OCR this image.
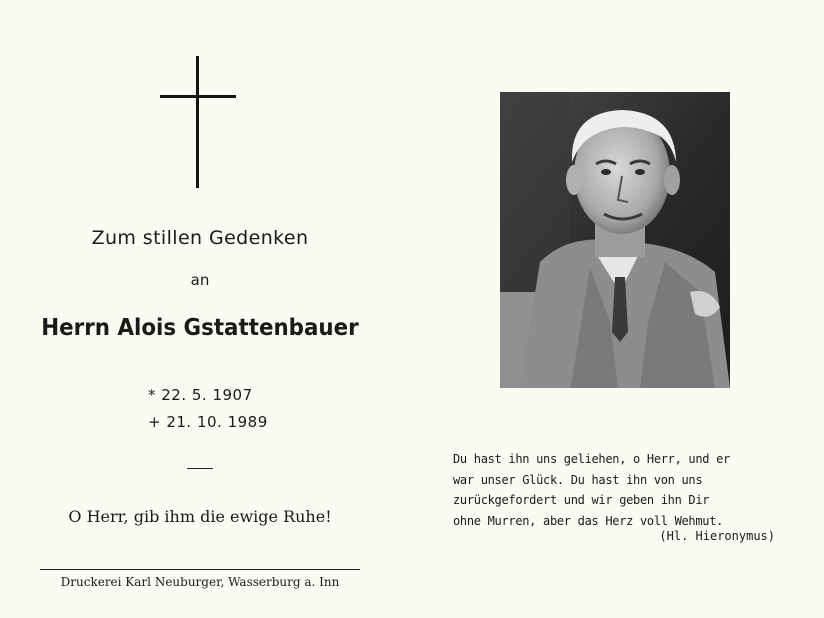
Zum stillen Gedenken
an
Herrn Alois Gstattenbauer
* 22. 5. 1907
+ 21. 10. 1989
O Herr, gib ihm die ewige Ruhe!
Druckerei Karl Neuburger, Wasserburg a. Inn
Du hast ihn uns geliehen, o Herr, und er
war unser Glück. Du hast ihn von uns
zurückgefordert und wir geben ihn Dir
ohne Murren, aber das Herz voll Wehmut.
(Hl. Hieronymus)
